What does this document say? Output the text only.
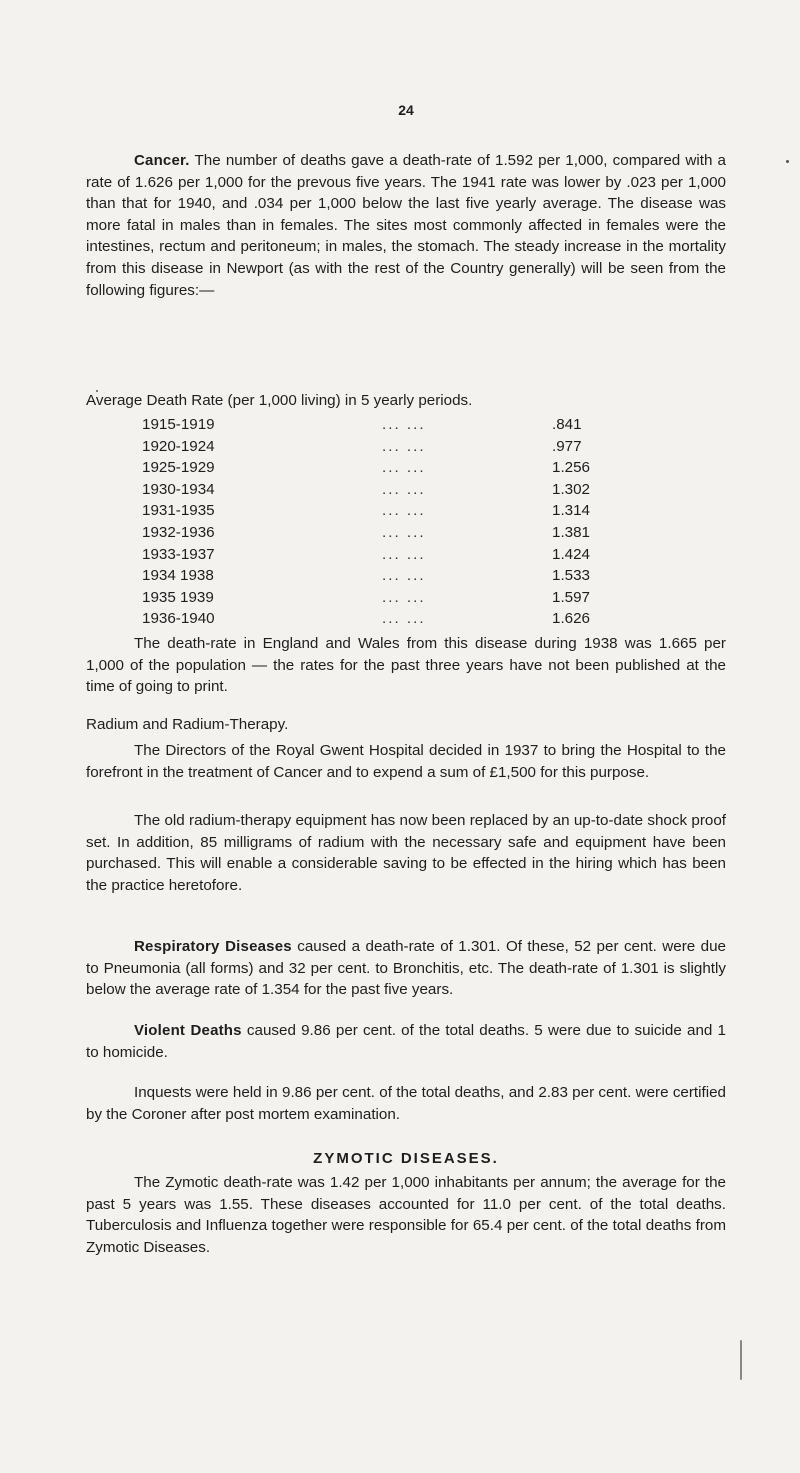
24

Cancer. The number of deaths gave a death-rate of 1.592 per 1,000, compared with a rate of 1.626 per 1,000 for the prevous five years. The 1941 rate was lower by .023 per 1,000 than that for 1940, and .034 per 1,000 below the last five yearly average. The disease was more fatal in males than in females. The sites most commonly affected in females were the intestines, rectum and peritoneum; in males, the stomach. The steady increase in the mortality from this disease in Newport (as with the rest of the Country generally) will be seen from the following figures:—

Average Death Rate (per 1,000 living) in 5 yearly periods.
1915-1919	... ...	.841
1920-1924	... ...	.977
1925-1929	... ...	1.256
1930-1934	... ...	1.302
1931-1935	... ...	1.314
1932-1936	... ...	1.381
1933-1937	... ...	1.424
1934 1938	... ...	1.533
1935 1939	... ...	1.597
1936-1940	... ...	1.626

The death-rate in England and Wales from this disease during 1938 was 1.665 per 1,000 of the population — the rates for the past three years have not been published at the time of going to print.

Radium and Radium-Therapy.

The Directors of the Royal Gwent Hospital decided in 1937 to bring the Hospital to the forefront in the treatment of Cancer and to expend a sum of £1,500 for this purpose.

The old radium-therapy equipment has now been replaced by an up-to-date shock proof set. In addition, 85 milligrams of radium with the necessary safe and equipment have been purchased. This will enable a considerable saving to be effected in the hiring which has been the practice heretofore.

Respiratory Diseases caused a death-rate of 1.301. Of these, 52 per cent. were due to Pneumonia (all forms) and 32 per cent. to Bronchitis, etc. The death-rate of 1.301 is slightly below the average rate of 1.354 for the past five years.

Violent Deaths caused 9.86 per cent. of the total deaths. 5 were due to suicide and 1 to homicide.

Inquests were held in 9.86 per cent. of the total deaths, and 2.83 per cent. were certified by the Coroner after post mortem examination.

ZYMOTIC DISEASES.

The Zymotic death-rate was 1.42 per 1,000 inhabitants per annum; the average for the past 5 years was 1.55. These diseases accounted for 11.0 per cent. of the total deaths. Tuberculosis and Influenza together were responsible for 65.4 per cent. of the total deaths from Zymotic Diseases.
